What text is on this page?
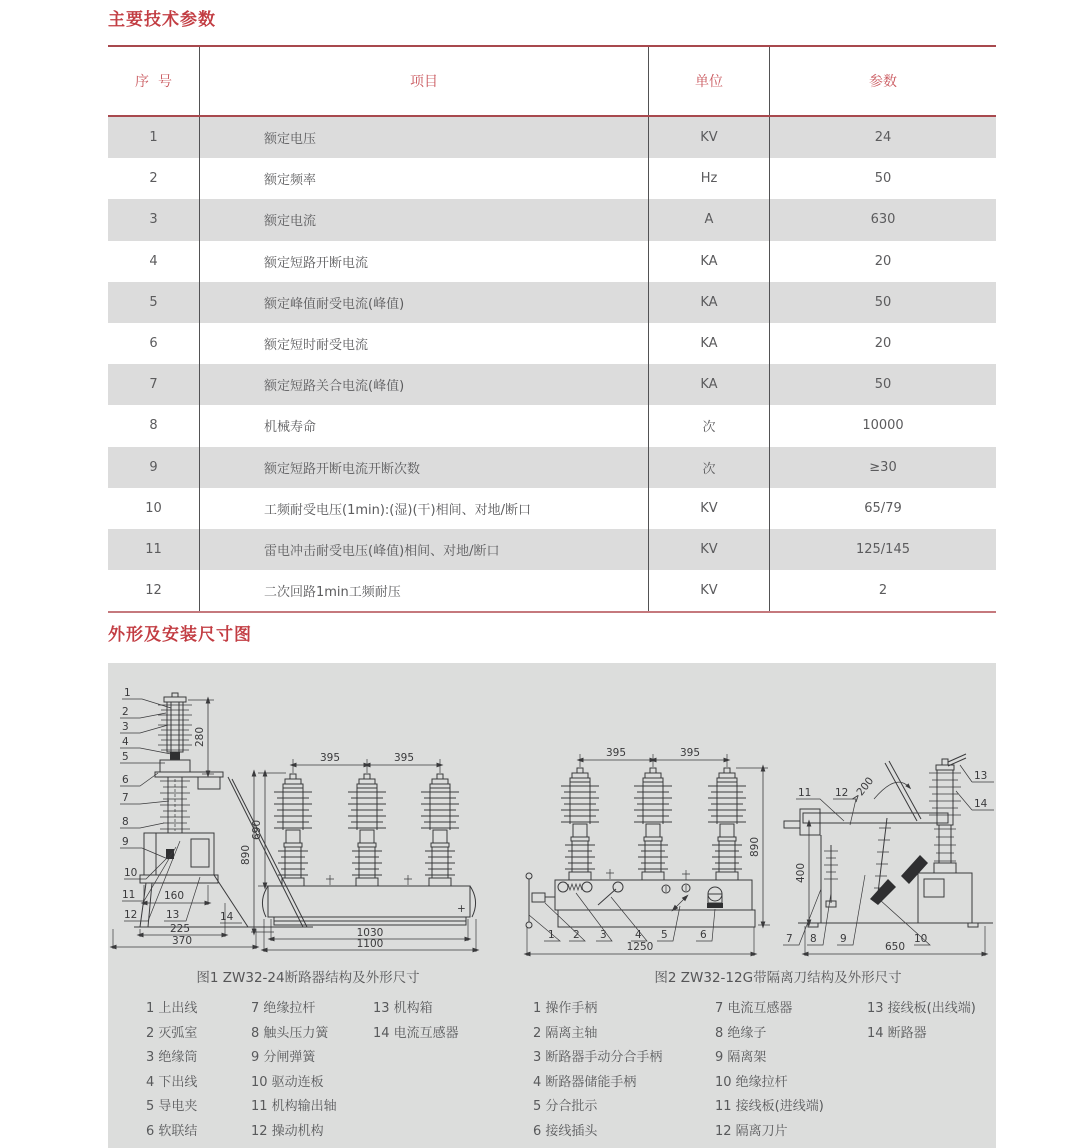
主要技术参数
序  号	项目	单位	参数
1	额定电压	KV	24
2	额定频率	Hz	50
3	额定电流	A	630
4	额定短路开断电流	KA	20
5	额定峰值耐受电流(峰值)	KA	50
6	额定短时耐受电流	KA	20
7	额定短路关合电流(峰值)	KA	50
8	机械寿命	次	10000
9	额定短路开断电流开断次数	次	≥30
10	工频耐受电压(1min):(湿)(干)相间、对地/断口	KV	65/79
11	雷电冲击耐受电压(峰值)相间、对地/断口	KV	125/145
12	二次回路1min工频耐压	KV	2
外形及安装尺寸图
1
2
3
4
5
6
7
8
9
10
11
12	13	14
280
160
225
370
+
395	395
690
890
1030
1100
395	395
890
1250
1 2 3	4 5	6
>200
400
650
11 12
13
14
7 8 9	10
图1 ZW32-24断路器结构及外形尺寸	图2 ZW32-12G带隔离刀结构及外形尺寸
1 上出线
2 灭弧室
3 绝缘筒
4 下出线
5 导电夹
6 软联结
7 绝缘拉杆
8 触头压力簧
9 分闸弹簧
10 驱动连板
11 机构输出轴
12 操动机构
13 机构箱
14 电流互感器
1 操作手柄
2 隔离主轴
3 断路器手动分合手柄
4 断路器储能手柄
5 分合批示
6 接线插头
7 电流互感器
8 绝缘子
9 隔离架
10 绝缘拉杆
11 接线板(进线端)
12 隔离刀片
13 接线板(出线端)
14 断路器
